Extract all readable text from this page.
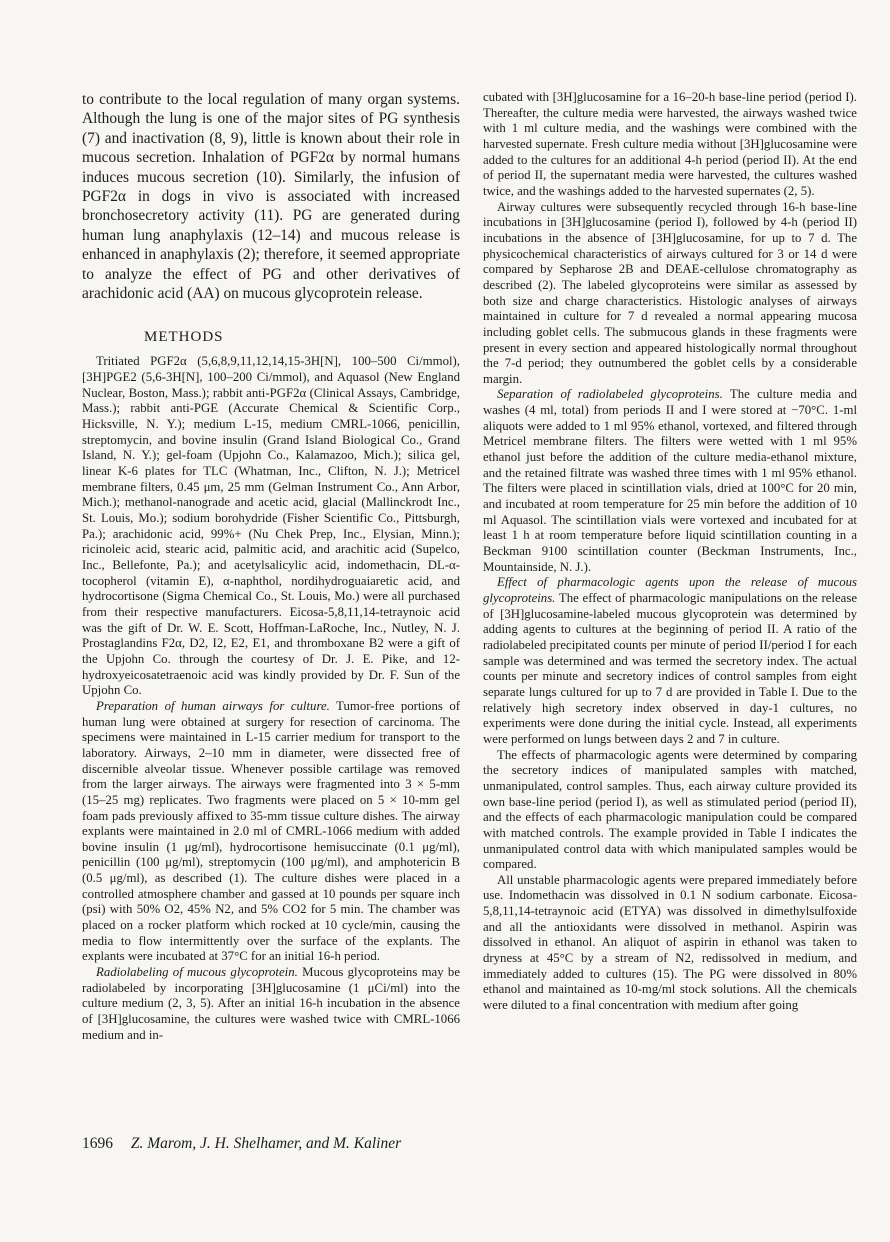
to contribute to the local regulation of many organ systems. Although the lung is one of the major sites of PG synthesis (7) and inactivation (8, 9), little is known about their role in mucous secretion. Inhalation of PGF2α by normal humans induces mucous secretion (10). Similarly, the infusion of PGF2α in dogs in vivo is associated with increased bronchosecretory activity (11). PG are generated during human lung anaphylaxis (12–14) and mucous release is enhanced in anaphylaxis (2); therefore, it seemed appropriate to analyze the effect of PG and other derivatives of arachidonic acid (AA) on mucous glycoprotein release.

METHODS

Tritiated PGF2α (5,6,8,9,11,12,14,15-3H[N], 100–500 Ci/mmol), [3H]PGE2 (5,6-3H[N], 100–200 Ci/mmol), and Aquasol (New England Nuclear, Boston, Mass.); rabbit anti-PGF2α (Clinical Assays, Cambridge, Mass.); rabbit anti-PGE (Accurate Chemical & Scientific Corp., Hicksville, N. Y.); medium L-15, medium CMRL-1066, penicillin, streptomycin, and bovine insulin (Grand Island Biological Co., Grand Island, N. Y.); gel-foam (Upjohn Co., Kalamazoo, Mich.); silica gel, linear K-6 plates for TLC (Whatman, Inc., Clifton, N. J.); Metricel membrane filters, 0.45 μm, 25 mm (Gelman Instrument Co., Ann Arbor, Mich.); methanol-nanograde and acetic acid, glacial (Mallinckrodt Inc., St. Louis, Mo.); sodium borohydride (Fisher Scientific Co., Pittsburgh, Pa.); arachidonic acid, 99%+ (Nu Chek Prep, Inc., Elysian, Minn.); ricinoleic acid, stearic acid, palmitic acid, and arachitic acid (Supelco, Inc., Bellefonte, Pa.); and acetylsalicylic acid, indomethacin, DL-α-tocopherol (vitamin E), α-naphthol, nordihydroguaiaretic acid, and hydrocortisone (Sigma Chemical Co., St. Louis, Mo.) were all purchased from their respective manufacturers. Eicosa-5,8,11,14-tetraynoic acid was the gift of Dr. W. E. Scott, Hoffman-LaRoche, Inc., Nutley, N. J. Prostaglandins F2α, D2, I2, E2, E1, and thromboxane B2 were a gift of the Upjohn Co. through the courtesy of Dr. J. E. Pike, and 12-hydroxyeicosatetraenoic acid was kindly provided by Dr. F. Sun of the Upjohn Co.

Preparation of human airways for culture. Tumor-free portions of human lung were obtained at surgery for resection of carcinoma. The specimens were maintained in L-15 carrier medium for transport to the laboratory. Airways, 2–10 mm in diameter, were dissected free of discernible alveolar tissue. Whenever possible cartilage was removed from the larger airways. The airways were fragmented into 3 × 5-mm (15–25 mg) replicates. Two fragments were placed on 5 × 10-mm gel foam pads previously affixed to 35-mm tissue culture dishes. The airway explants were maintained in 2.0 ml of CMRL-1066 medium with added bovine insulin (1 μg/ml), hydrocortisone hemisuccinate (0.1 μg/ml), penicillin (100 μg/ml), streptomycin (100 μg/ml), and amphotericin B (0.5 μg/ml), as described (1). The culture dishes were placed in a controlled atmosphere chamber and gassed at 10 pounds per square inch (psi) with 50% O2, 45% N2, and 5% CO2 for 5 min. The chamber was placed on a rocker platform which rocked at 10 cycle/min, causing the media to flow intermittently over the surface of the explants. The explants were incubated at 37°C for an initial 16-h period.

Radiolabeling of mucous glycoprotein. Mucous glycoproteins may be radiolabeled by incorporating [3H]glucosamine (1 μCi/ml) into the culture medium (2, 3, 5). After an initial 16-h incubation in the absence of [3H]glucosamine, the cultures were washed twice with CMRL-1066 medium and in-

cubated with [3H]glucosamine for a 16–20-h base-line period (period I). Thereafter, the culture media were harvested, the airways washed twice with 1 ml culture media, and the washings were combined with the harvested supernate. Fresh culture media without [3H]glucosamine were added to the cultures for an additional 4-h period (period II). At the end of period II, the supernatant media were harvested, the cultures washed twice, and the washings added to the harvested supernates (2, 5).

Airway cultures were subsequently recycled through 16-h base-line incubations in [3H]glucosamine (period I), followed by 4-h (period II) incubations in the absence of [3H]glucosamine, for up to 7 d. The physicochemical characteristics of airways cultured for 3 or 14 d were compared by Sepharose 2B and DEAE-cellulose chromatography as described (2). The labeled glycoproteins were similar as assessed by both size and charge characteristics. Histologic analyses of airways maintained in culture for 7 d revealed a normal appearing mucosa including goblet cells. The submucous glands in these fragments were present in every section and appeared histologically normal throughout the 7-d period; they outnumbered the goblet cells by a considerable margin.

Separation of radiolabeled glycoproteins. The culture media and washes (4 ml, total) from periods II and I were stored at −70°C. 1-ml aliquots were added to 1 ml 95% ethanol, vortexed, and filtered through Metricel membrane filters. The filters were wetted with 1 ml 95% ethanol just before the addition of the culture media-ethanol mixture, and the retained filtrate was washed three times with 1 ml 95% ethanol. The filters were placed in scintillation vials, dried at 100°C for 20 min, and incubated at room temperature for 25 min before the addition of 10 ml Aquasol. The scintillation vials were vortexed and incubated for at least 1 h at room temperature before liquid scintillation counting in a Beckman 9100 scintillation counter (Beckman Instruments, Inc., Mountainside, N. J.).

Effect of pharmacologic agents upon the release of mucous glycoproteins. The effect of pharmacologic manipulations on the release of [3H]glucosamine-labeled mucous glycoprotein was determined by adding agents to cultures at the beginning of period II. A ratio of the radiolabeled precipitated counts per minute of period II/period I for each sample was determined and was termed the secretory index. The actual counts per minute and secretory indices of control samples from eight separate lungs cultured for up to 7 d are provided in Table I. Due to the relatively high secretory index observed in day-1 cultures, no experiments were done during the initial cycle. Instead, all experiments were performed on lungs between days 2 and 7 in culture.

The effects of pharmacologic agents were determined by comparing the secretory indices of manipulated samples with matched, unmanipulated, control samples. Thus, each airway culture provided its own base-line period (period I), as well as stimulated period (period II), and the effects of each pharmacologic manipulation could be compared with matched controls. The example provided in Table I indicates the unmanipulated control data with which manipulated samples would be compared.

All unstable pharmacologic agents were prepared immediately before use. Indomethacin was dissolved in 0.1 N sodium carbonate. Eicosa-5,8,11,14-tetraynoic acid (ETYA) was dissolved in dimethylsulfoxide and all the antioxidants were dissolved in methanol. Aspirin was dissolved in ethanol. An aliquot of aspirin in ethanol was taken to dryness at 45°C by a stream of N2, redissolved in medium, and immediately added to cultures (15). The PG were dissolved in 80% ethanol and maintained as 10-mg/ml stock solutions. All the chemicals were diluted to a final concentration with medium after going

1696 Z. Marom, J. H. Shelhamer, and M. Kaliner
